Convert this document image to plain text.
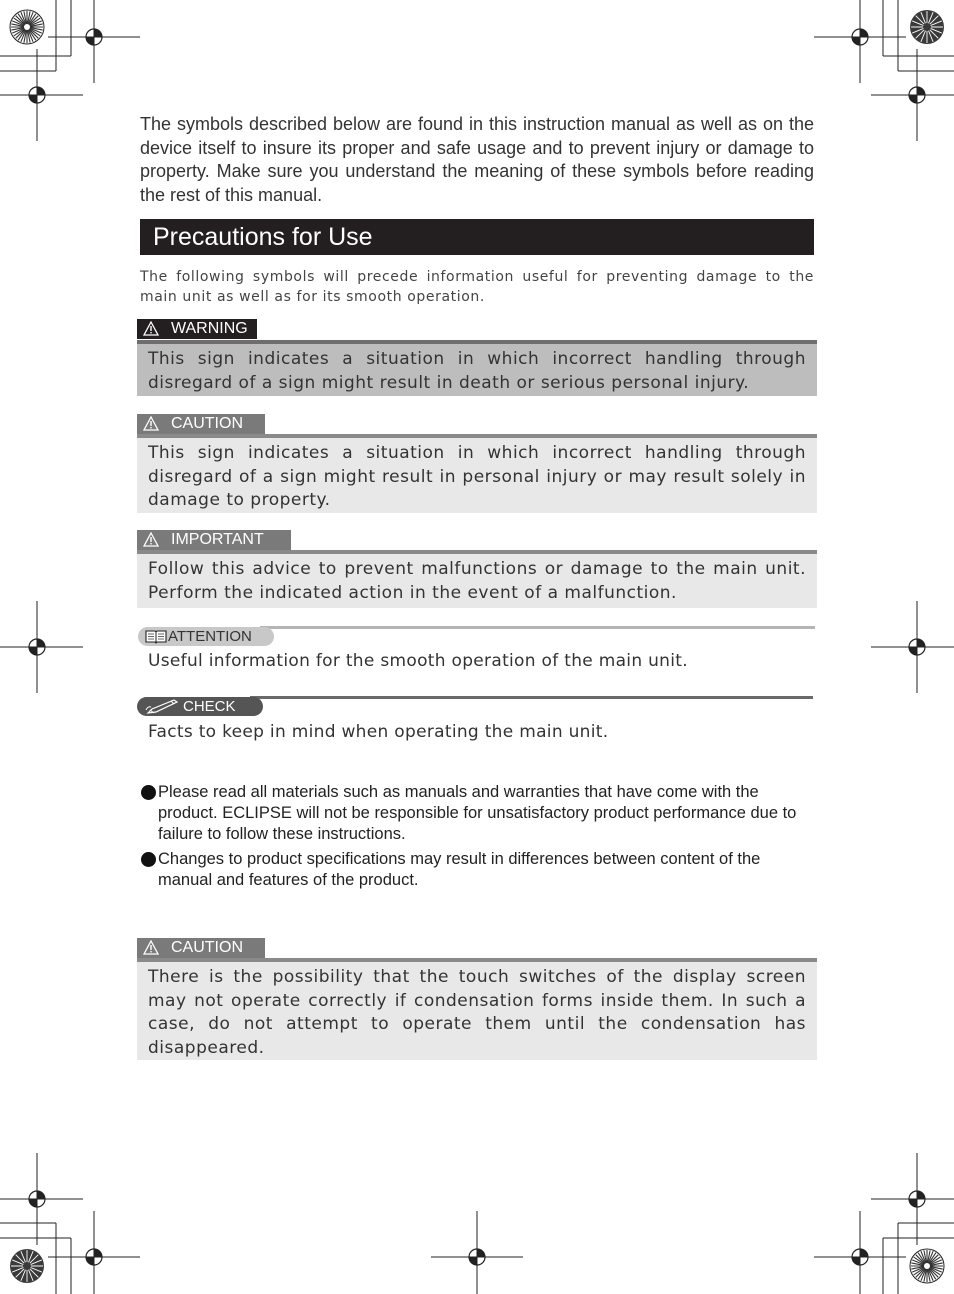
The symbols described below are found in this instruction manual as well as on the device itself to insure its proper and safe usage and to prevent injury or damage to property. Make sure you understand the meaning of these symbols before reading the rest of this manual.
Precautions for Use
The following symbols will precede information useful for preventing damage to the main unit as well as for its smooth operation.
WARNING
This sign indicates a situation in which incorrect handling through disregard of a sign might result in death or serious personal injury.
CAUTION
This sign indicates a situation in which incorrect handling through disregard of a sign might result in personal injury or may result solely in damage to property.
IMPORTANT
Follow this advice to prevent malfunctions or damage to the main unit. Perform the indicated action in the event of a malfunction.
ATTENTION
Useful information for the smooth operation of the main unit.
CHECK
Facts to keep in mind when operating the main unit.
Please read all materials such as manuals and warranties that have come with the product. ECLIPSE will not be responsible for unsatisfactory product performance due to failure to follow these instructions.
Changes to product specifications may result in differences between content of the manual and features of the product.
CAUTION
There is the possibility that the touch switches of the display screen may not operate correctly if condensation forms inside them. In such a case, do not attempt to operate them until the condensation has disappeared.
